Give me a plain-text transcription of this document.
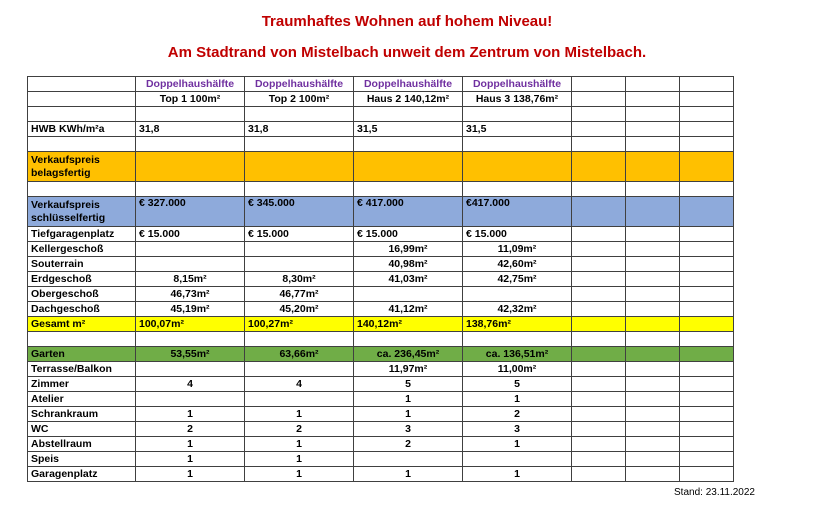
Traumhaftes Wohnen auf hohem Niveau!
Am Stadtrand von Mistelbach unweit dem Zentrum von Mistelbach.
	Doppelhaushälfte	Doppelhaushälfte	Doppelhaushälfte	Doppelhaushälfte			
	Top 1 100m²	Top 2 100m²	Haus 2 140,12m²	Haus 3 138,76m²			

HWB KWh/m²a	31,8	31,8	31,5	31,5			

Verkaufspreis belagsfertig							

Verkaufspreis schlüsselfertig	€ 327.000	€ 345.000	€ 417.000	€417.000			
Tiefgaragenplatz	€ 15.000	€ 15.000	€ 15.000	€ 15.000			
Kellergeschoß			16,99m²	11,09m²			
Souterrain			40,98m²	42,60m²			
Erdgeschoß	8,15m²	8,30m²	41,03m²	42,75m²			
Obergeschoß	46,73m²	46,77m²					
Dachgeschoß	45,19m²	45,20m²	41,12m²	42,32m²			
Gesamt m²	100,07m²	100,27m²	140,12m²	138,76m²			

Garten	53,55m²	63,66m²	ca. 236,45m²	ca. 136,51m²			
Terrasse/Balkon			11,97m²	11,00m²			
Zimmer	4	4	5	5			
Atelier			1	1			
Schrankraum	1	1	1	2			
WC	2	2	3	3			
Abstellraum	1	1	2	1			
Speis	1	1					
Garagenplatz	1	1	1	1			
Stand: 23.11.2022
